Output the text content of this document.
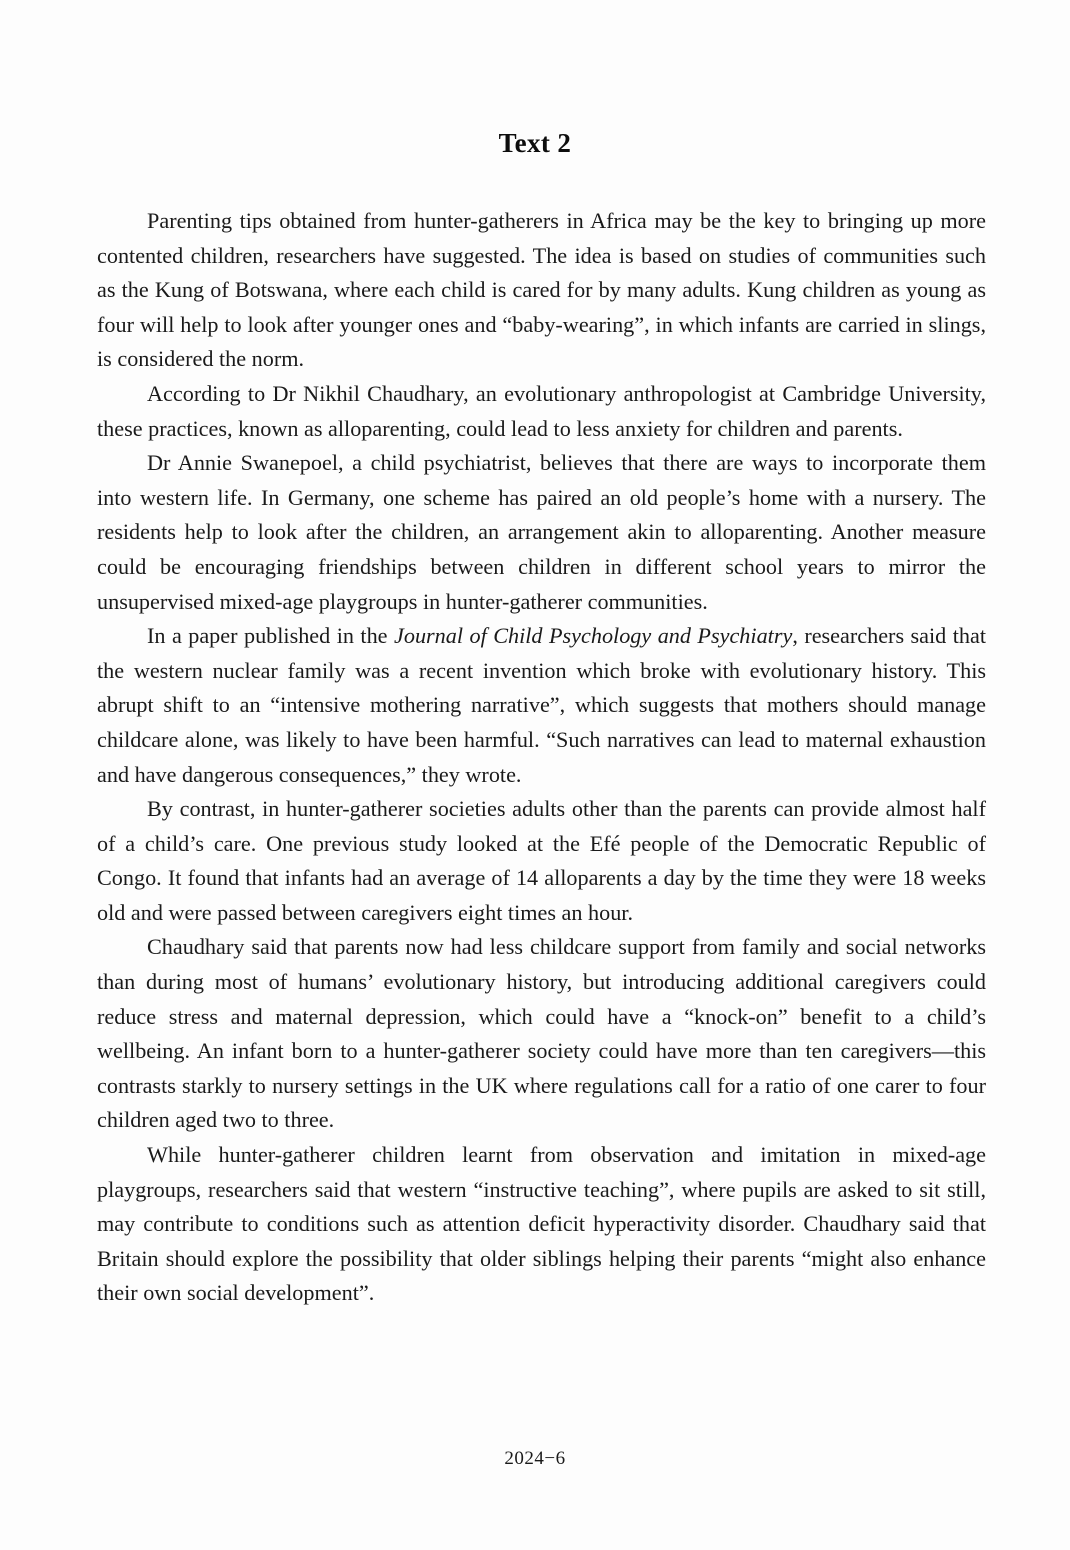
Text 2

Parenting tips obtained from hunter-gatherers in Africa may be the key to bringing up more contented children, researchers have suggested. The idea is based on studies of communities such as the Kung of Botswana, where each child is cared for by many adults. Kung children as young as four will help to look after younger ones and “baby-wearing”, in which infants are carried in slings, is considered the norm.

According to Dr Nikhil Chaudhary, an evolutionary anthropologist at Cambridge University, these practices, known as alloparenting, could lead to less anxiety for children and parents.

Dr Annie Swanepoel, a child psychiatrist, believes that there are ways to incorporate them into western life. In Germany, one scheme has paired an old people’s home with a nursery. The residents help to look after the children, an arrangement akin to alloparenting. Another measure could be encouraging friendships between children in different school years to mirror the unsupervised mixed-age playgroups in hunter-gatherer communities.

In a paper published in the Journal of Child Psychology and Psychiatry, researchers said that the western nuclear family was a recent invention which broke with evolutionary history. This abrupt shift to an “intensive mothering narrative”, which suggests that mothers should manage childcare alone, was likely to have been harmful. “Such narratives can lead to maternal exhaustion and have dangerous consequences,” they wrote.

By contrast, in hunter-gatherer societies adults other than the parents can provide almost half of a child’s care. One previous study looked at the Efé people of the Democratic Republic of Congo. It found that infants had an average of 14 alloparents a day by the time they were 18 weeks old and were passed between caregivers eight times an hour.

Chaudhary said that parents now had less childcare support from family and social networks than during most of humans’ evolutionary history, but introducing additional caregivers could reduce stress and maternal depression, which could have a “knock-on” benefit to a child’s wellbeing. An infant born to a hunter-gatherer society could have more than ten caregivers—this contrasts starkly to nursery settings in the UK where regulations call for a ratio of one carer to four children aged two to three.

While hunter-gatherer children learnt from observation and imitation in mixed-age playgroups, researchers said that western “instructive teaching”, where pupils are asked to sit still, may contribute to conditions such as attention deficit hyperactivity disorder. Chaudhary said that Britain should explore the possibility that older siblings helping their parents “might also enhance their own social development”.

2024−6
